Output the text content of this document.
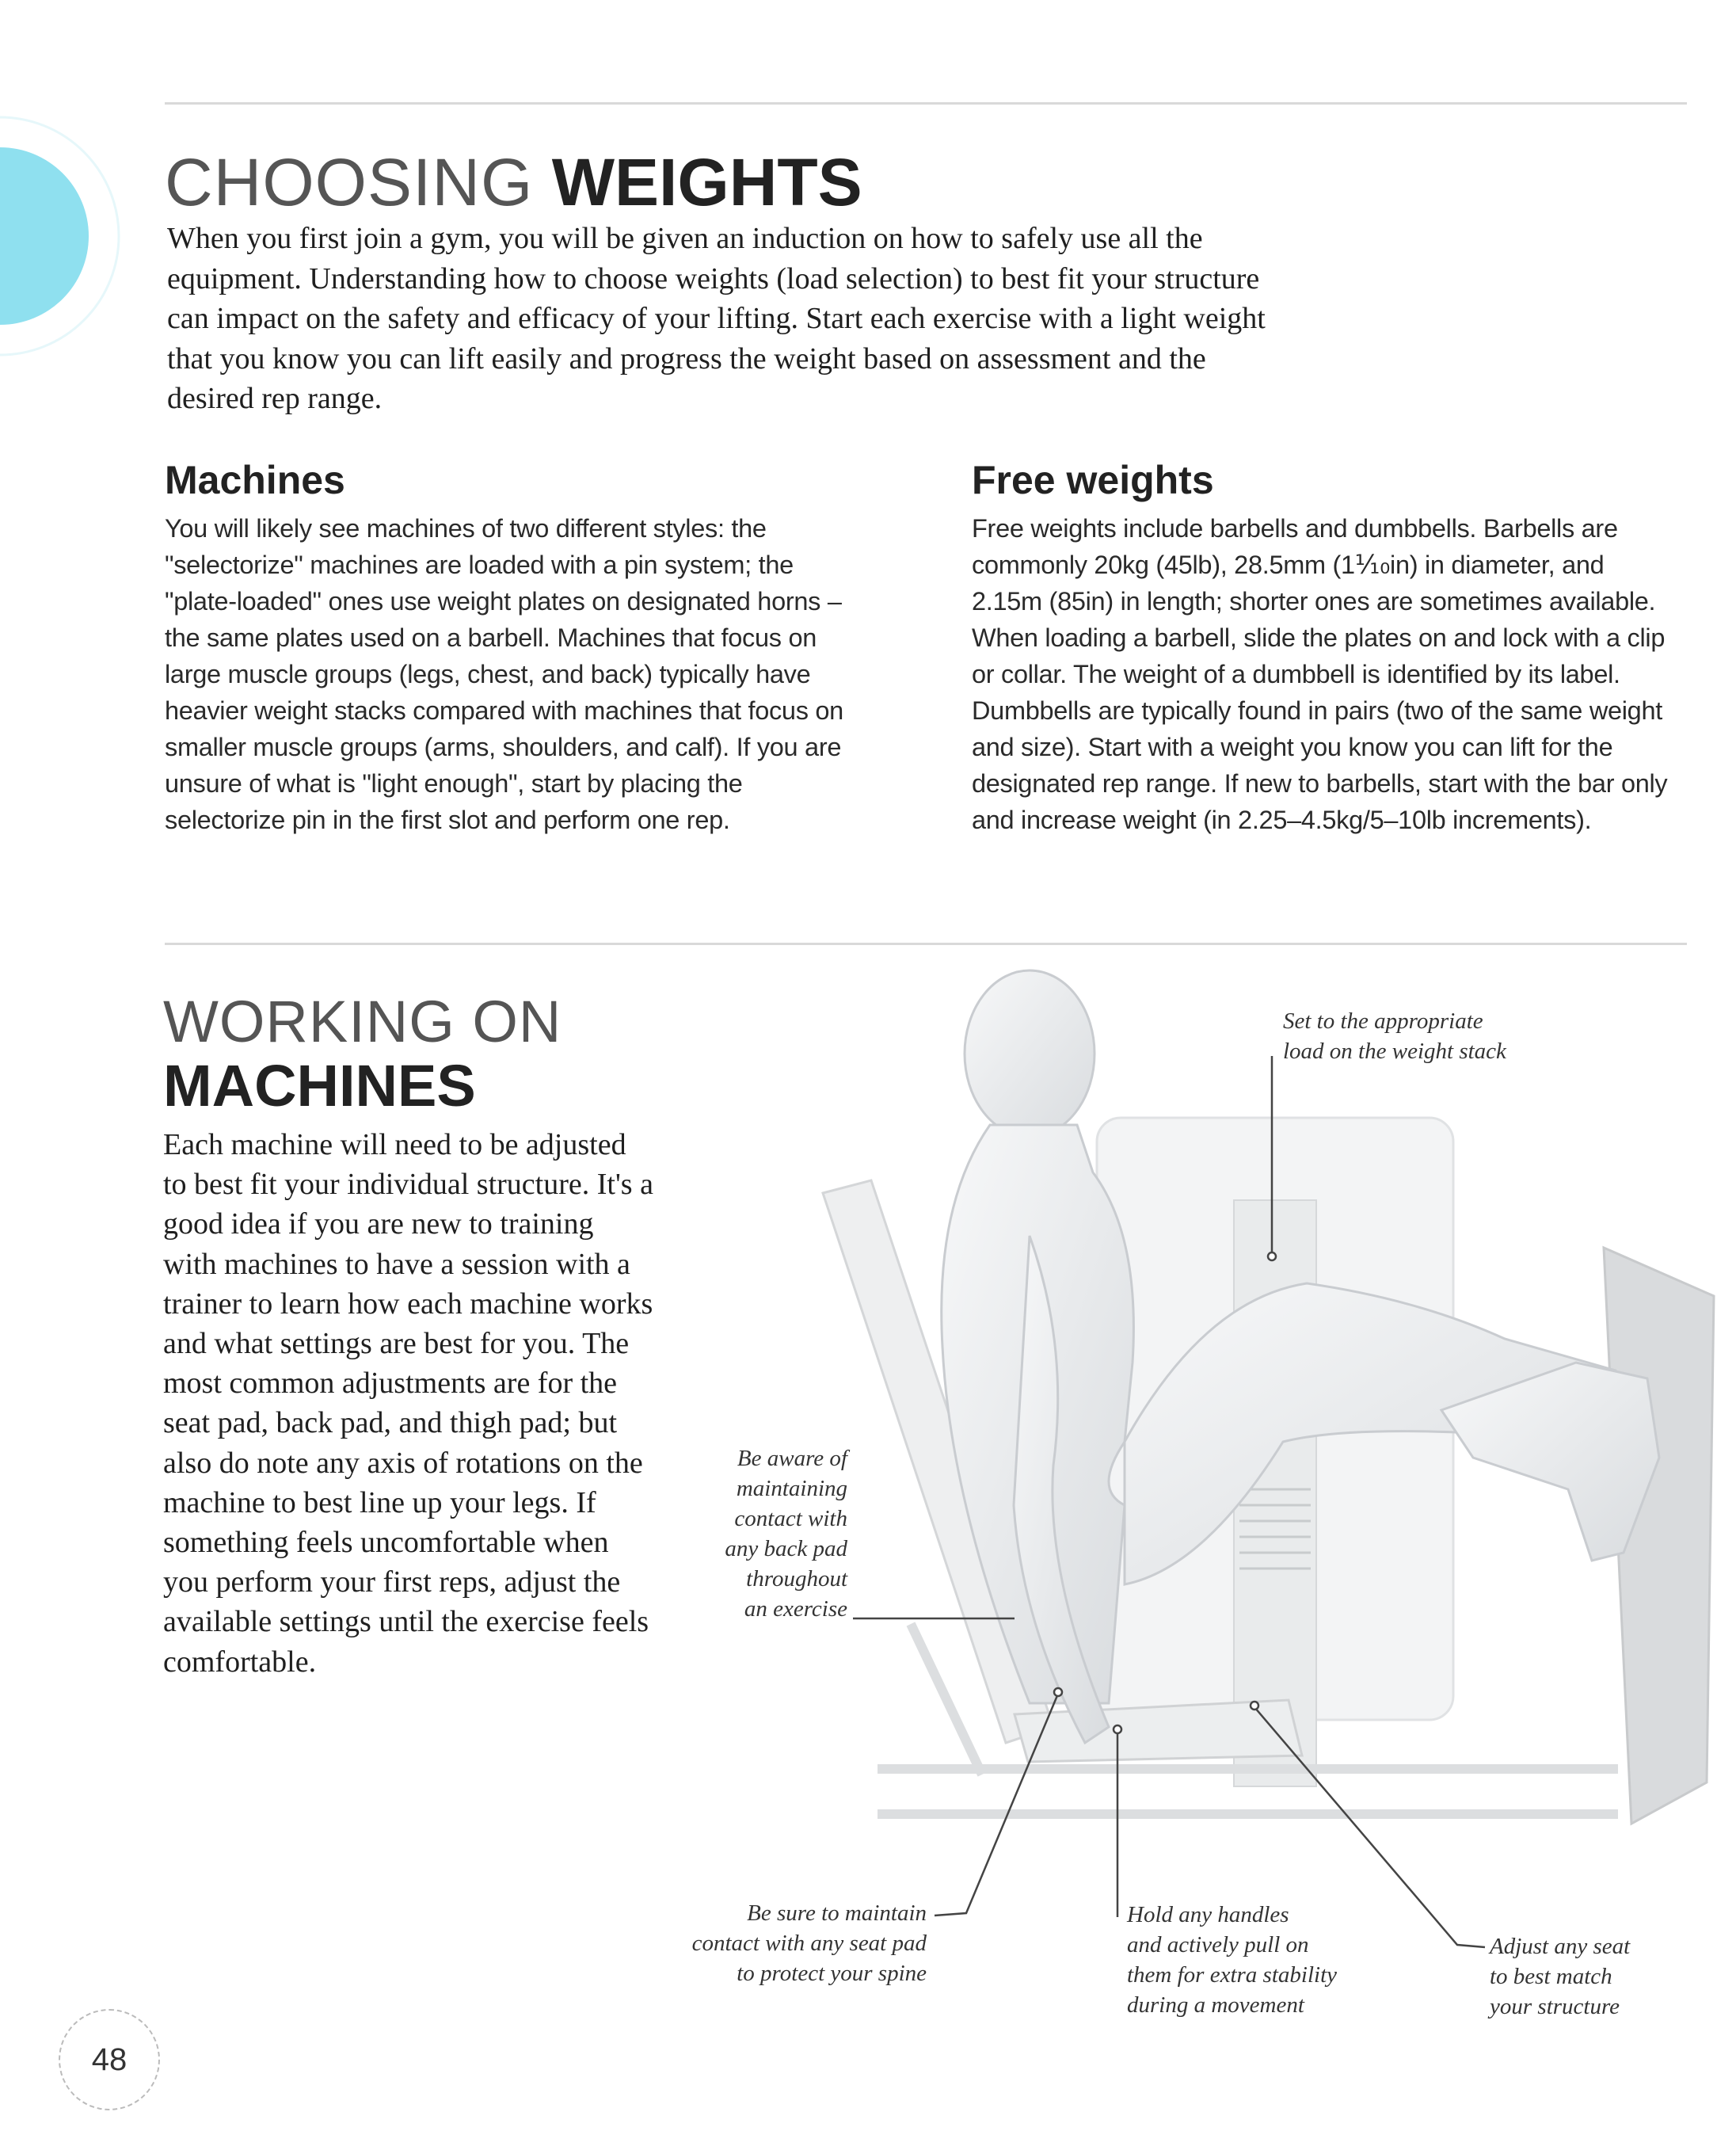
CHOOSING WEIGHTS
When you first join a gym, you will be given an induction on how to safely use all the equipment. Understanding how to choose weights (load selection) to best fit your structure can impact on the safety and efficacy of your lifting. Start each exercise with a light weight that you know you can lift easily and progress the weight based on assessment and the desired rep range.
Machines
You will likely see machines of two different styles: the "selectorize" machines are loaded with a pin system; the "plate-loaded" ones use weight plates on designated horns – the same plates used on a barbell. Machines that focus on large muscle groups (legs, chest, and back) typically have heavier weight stacks compared with machines that focus on smaller muscle groups (arms, shoulders, and calf). If you are unsure of what is "light enough", start by placing the selectorize pin in the first slot and perform one rep.
Free weights
Free weights include barbells and dumbbells. Barbells are commonly 20kg (45lb), 28.5mm (1⅒in) in diameter, and 2.15m (85in) in length; shorter ones are sometimes available. When loading a barbell, slide the plates on and lock with a clip or collar. The weight of a dumbbell is identified by its label. Dumbbells are typically found in pairs (two of the same weight and size). Start with a weight you know you can lift for the designated rep range. If new to barbells, start with the bar only and increase weight (in 2.25–4.5kg/5–10lb increments).
WORKING ON
MACHINES
Each machine will need to be adjusted to best fit your individual structure. It's a good idea if you are new to training with machines to have a session with a trainer to learn how each machine works and what settings are best for you. The most common adjustments are for the seat pad, back pad, and thigh pad; but also do note any axis of rotations on the machine to best line up your legs. If something feels uncomfortable when you perform your first reps, adjust the available settings until the exercise feels comfortable.
Set to the appropriate
load on the weight stack
Be aware of
maintaining
contact with
any back pad
throughout
an exercise
Be sure to maintain
contact with any seat pad
to protect your spine
Hold any handles
and actively pull on
them for extra stability
during a movement
Adjust any seat
to best match
your structure
48
